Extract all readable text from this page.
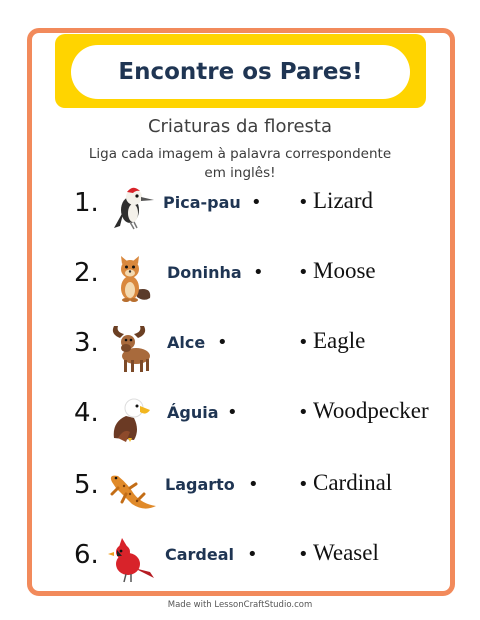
Encontre os Pares!
Criaturas da floresta
Liga cada imagem à palavra correspondente
em inglês!
1.	Pica-pau • • Lizard
2.	Doninha • • Moose
3.	Alce •	• Eagle
4.	Águia •	• Woodpecker
5.	Lagarto • • Cardinal
6.	Cardeal • • Weasel
Made with LessonCraftStudio.com
